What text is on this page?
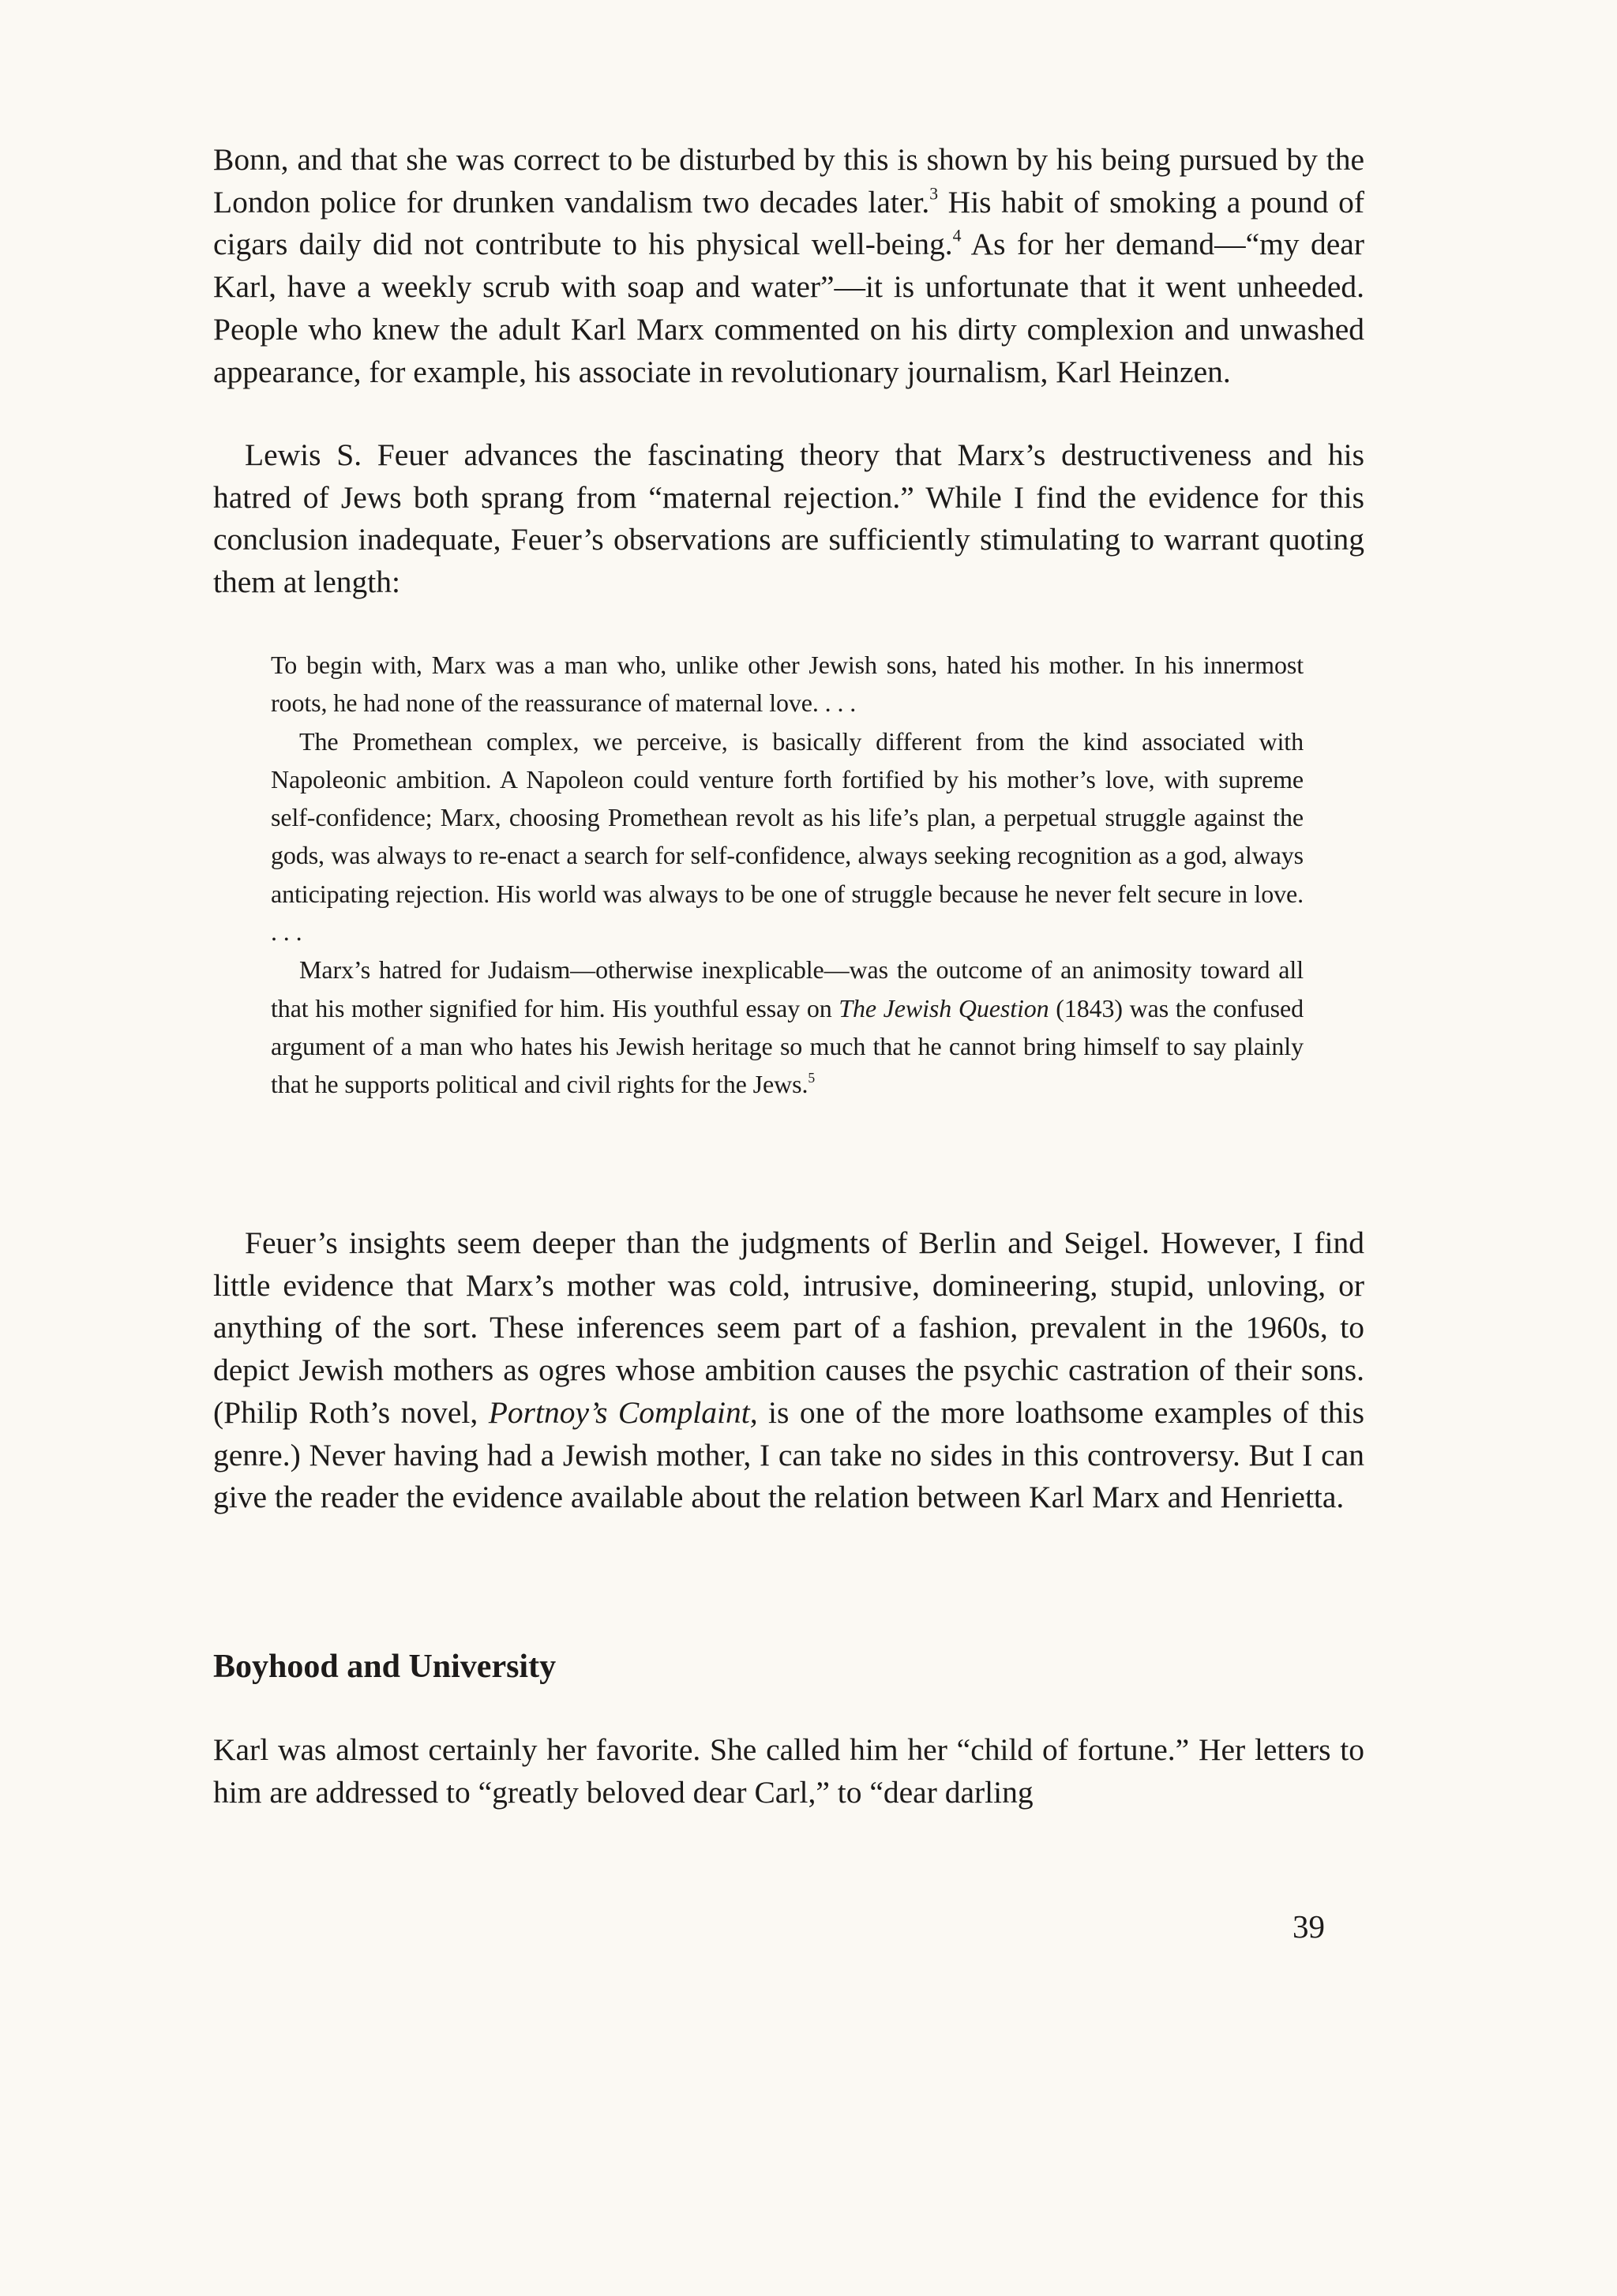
Bonn, and that she was correct to be disturbed by this is shown by his being pursued by the London police for drunken vandalism two decades later.$^3$ His habit of smoking a pound of cigars daily did not contribute to his physical well-being.$^4$ As for her demand—“my dear Karl, have a weekly scrub with soap and water”—it is unfortunate that it went unheeded. People who knew the adult Karl Marx commented on his dirty complexion and unwashed appearance, for example, his associate in revolutionary journalism, Karl Heinzen.

Lewis S. Feuer advances the fascinating theory that Marx’s destructiveness and his hatred of Jews both sprang from “maternal rejection.” While I find the evidence for this conclusion inadequate, Feuer’s observations are sufficiently stimulating to warrant quoting them at length:

To begin with, Marx was a man who, unlike other Jewish sons, hated his mother. In his innermost roots, he had none of the reassurance of maternal love. . . .

The Promethean complex, we perceive, is basically different from the kind associated with Napoleonic ambition. A Napoleon could venture forth fortified by his mother’s love, with supreme self-confidence; Marx, choosing Promethean revolt as his life’s plan, a perpetual struggle against the gods, was always to re-enact a search for self-confidence, always seeking recognition as a god, always anticipating rejection. His world was always to be one of struggle because he never felt secure in love. . . .

Marx’s hatred for Judaism—otherwise inexplicable—was the outcome of an animosity toward all that his mother signified for him. His youthful essay on The Jewish Question (1843) was the confused argument of a man who hates his Jewish heritage so much that he cannot bring himself to say plainly that he supports political and civil rights for the Jews.$^5$

Feuer’s insights seem deeper than the judgments of Berlin and Seigel. However, I find little evidence that Marx’s mother was cold, intrusive, domineering, stupid, unloving, or anything of the sort. These inferences seem part of a fashion, prevalent in the 1960s, to depict Jewish mothers as ogres whose ambition causes the psychic castration of their sons. (Philip Roth’s novel, Portnoy’s Complaint, is one of the more loathsome examples of this genre.) Never having had a Jewish mother, I can take no sides in this controversy. But I can give the reader the evidence available about the relation between Karl Marx and Henrietta.

Boyhood and University

Karl was almost certainly her favorite. She called him her “child of fortune.” Her letters to him are addressed to “greatly beloved dear Carl,” to “dear darling

39
